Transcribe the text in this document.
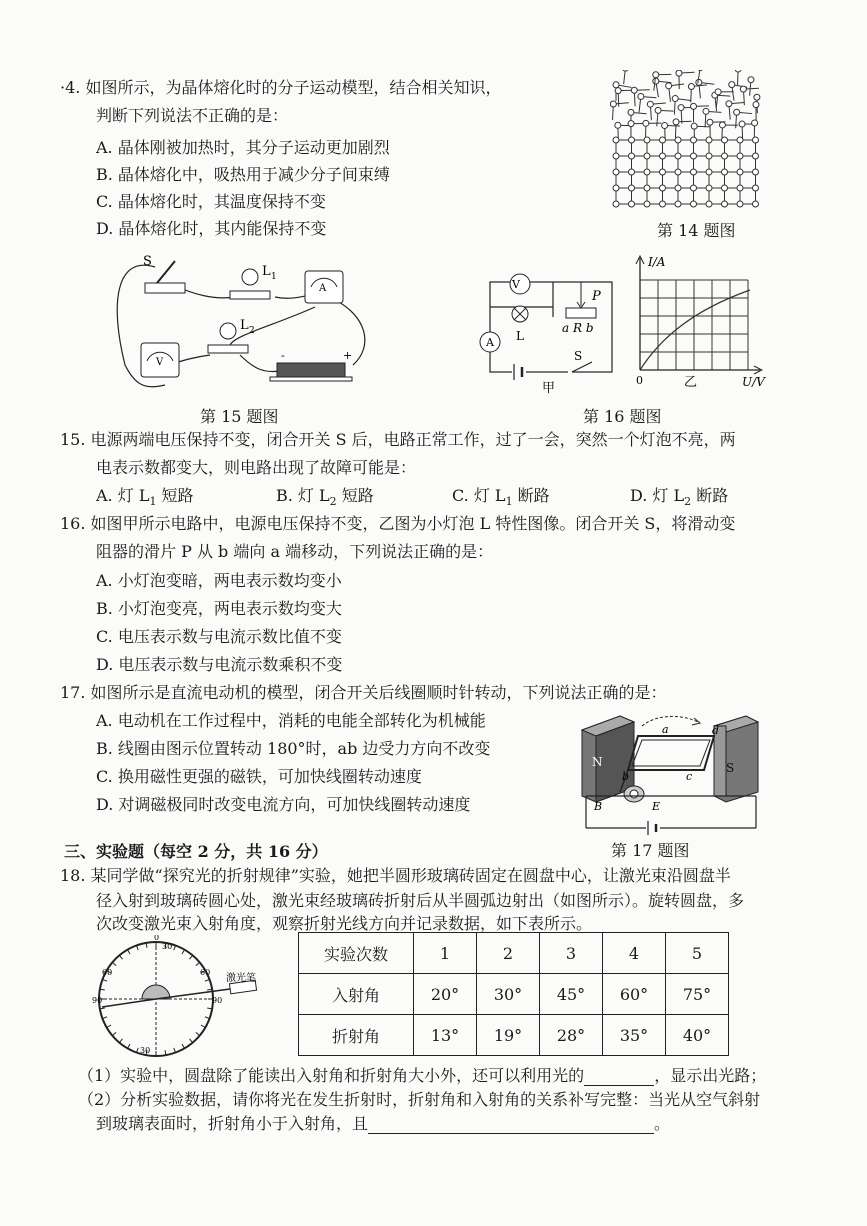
·4. 如图所示，为晶体熔化时的分子运动模型，结合相关知识，
判断下列说法不正确的是：
A. 晶体刚被加热时，其分子运动更加剧烈
B. 晶体熔化中，吸热用于减少分子间束缚
C. 晶体熔化时，其温度保持不变
D. 晶体熔化时，其内能保持不变	第 14 题图
S
L 1
L 2
A
V
-	+
第 15 题图
V
A L
P
a R b
S
甲
I/A
U/V
0	乙
第 16 题图
15. 电源两端电压保持不变，闭合开关 S 后，电路正常工作，过了一会，突然一个灯泡不亮，两
电表示数都变大，则电路出现了故障可能是：
A. 灯 $L_1$ 短路	B. 灯 $L_2$ 短路	C. 灯 $L_1$ 断路	D. 灯 $L_2$ 断路
16. 如图甲所示电路中，电源电压保持不变，乙图为小灯泡 L 特性图像。闭合开关 S，将滑动变
阻器的滑片 P 从 b 端向 a 端移动，下列说法正确的是：
A. 小灯泡变暗，两电表示数均变小
B. 小灯泡变亮，两电表示数均变大
C. 电压表示数与电流示数比值不变
D. 电压表示数与电流示数乘积不变
17. 如图所示是直流电动机的模型，闭合开关后线圈顺时针转动，下列说法正确的是：
A. 电动机在工作过程中，消耗的电能全部转化为机械能
B. 线圈由图示位置转动 180°时，ab 边受力方向不改变
C. 换用磁性更强的磁铁，可加快线圈转动速度
D. 对调磁极同时改变电流方向，可加快线圈转动速度
N	S
a
b	c
d
B	E
第 17 题图
三、实验题（每空 2 分，共 16 分）
18. 某同学做“探究光的折射规律”实验，她把半圆形玻璃砖固定在圆盘中心，让激光束沿圆盘半
径入射到玻璃砖圆心处，激光束经玻璃砖折射后从半圆弧边射出（如图所示）。旋转圆盘，多
次改变激光束入射角度，观察折射光线方向并记录数据，如下表所示。
激光笔
30
60	60
90	90
30
0
实验次数	1	2	3	4	5
入射角	20°	30°	45°	60°	75°
折射角	13°	19°	28°	35°	40°
（1）实验中，圆盘除了能读出入射角和折射角大小外，还可以利用光的	，显示出光路；
（2）分析实验数据，请你将光在发生折射时，折射角和入射角的关系补写完整：当光从空气斜射
到玻璃表面时，折射角小于入射角，且	。
